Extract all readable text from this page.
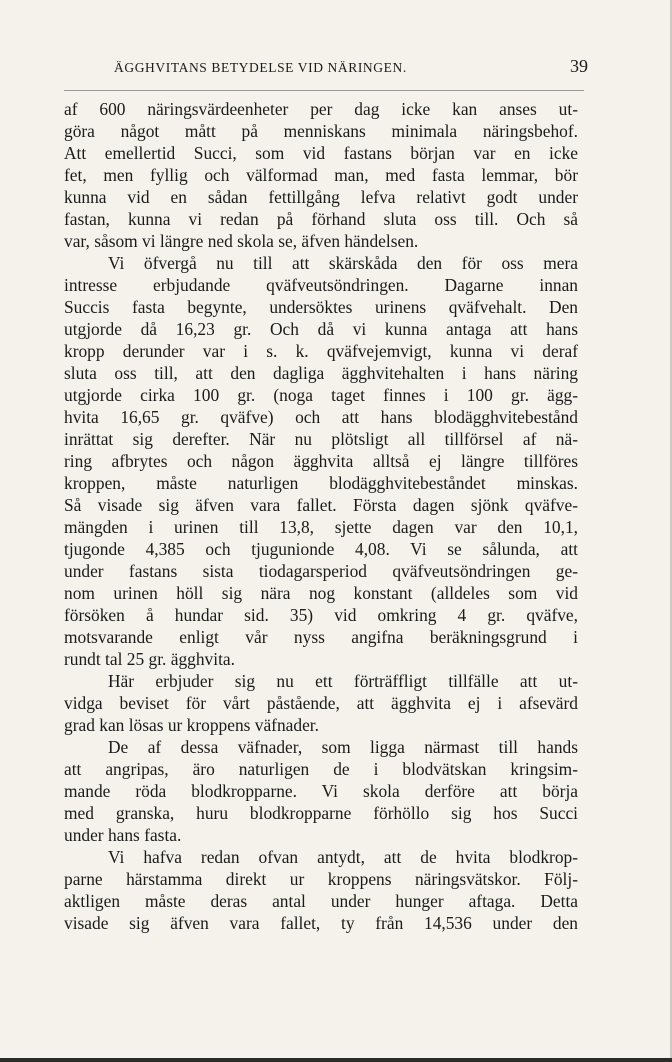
ÄGGHVITANS BETYDELSE VID NÄRINGEN.	39
af 600 näringsvärdeenheter per dag icke kan anses ut-
göra något mått på menniskans minimala näringsbehof.
Att emellertid Succi, som vid fastans början var en icke
fet, men fyllig och välformad man, med fasta lemmar, bör
kunna vid en sådan fettillgång lefva relativt godt under
fastan, kunna vi redan på förhand sluta oss till. Och så
var, såsom vi längre ned skola se, äfven händelsen.
Vi öfvergå nu till att skärskåda den för oss mera
intresse erbjudande qväfveutsöndringen. Dagarne innan
Succis fasta begynte, undersöktes urinens qväfvehalt. Den
utgjorde då 16,23 gr. Och då vi kunna antaga att hans
kropp derunder var i s. k. qväfvejemvigt, kunna vi deraf
sluta oss till, att den dagliga ägghvitehalten i hans näring
utgjorde cirka 100 gr. (noga taget finnes i 100 gr. ägg-
hvita 16,65 gr. qväfve) och att hans blodägghvitebestånd
inrättat sig derefter. När nu plötsligt all tillförsel af nä-
ring afbrytes och någon ägghvita alltså ej längre tillföres
kroppen, måste naturligen blodägghvitebeståndet minskas.
Så visade sig äfven vara fallet. Första dagen sjönk qväfve-
mängden i urinen till 13,8, sjette dagen var den 10,1,
tjugonde 4,385 och tjugunionde 4,08. Vi se sålunda, att
under fastans sista tiodagarsperiod qväfveutsöndringen ge-
nom urinen höll sig nära nog konstant (alldeles som vid
försöken å hundar sid. 35) vid omkring 4 gr. qväfve,
motsvarande enligt vår nyss angifna beräkningsgrund i
rundt tal 25 gr. ägghvita.
Här erbjuder sig nu ett förträffligt tillfälle att ut-
vidga beviset för vårt påstående, att ägghvita ej i afsevärd
grad kan lösas ur kroppens väfnader.
De af dessa väfnader, som ligga närmast till hands
att angripas, äro naturligen de i blodvätskan kringsim-
mande röda blodkropparne. Vi skola derföre att börja
med granska, huru blodkropparne förhöllo sig hos Succi
under hans fasta.
Vi hafva redan ofvan antydt, att de hvita blodkrop-
parne härstamma direkt ur kroppens näringsvätskor. Följ-
aktligen måste deras antal under hunger aftaga. Detta
visade sig äfven vara fallet, ty från 14,536 under den
